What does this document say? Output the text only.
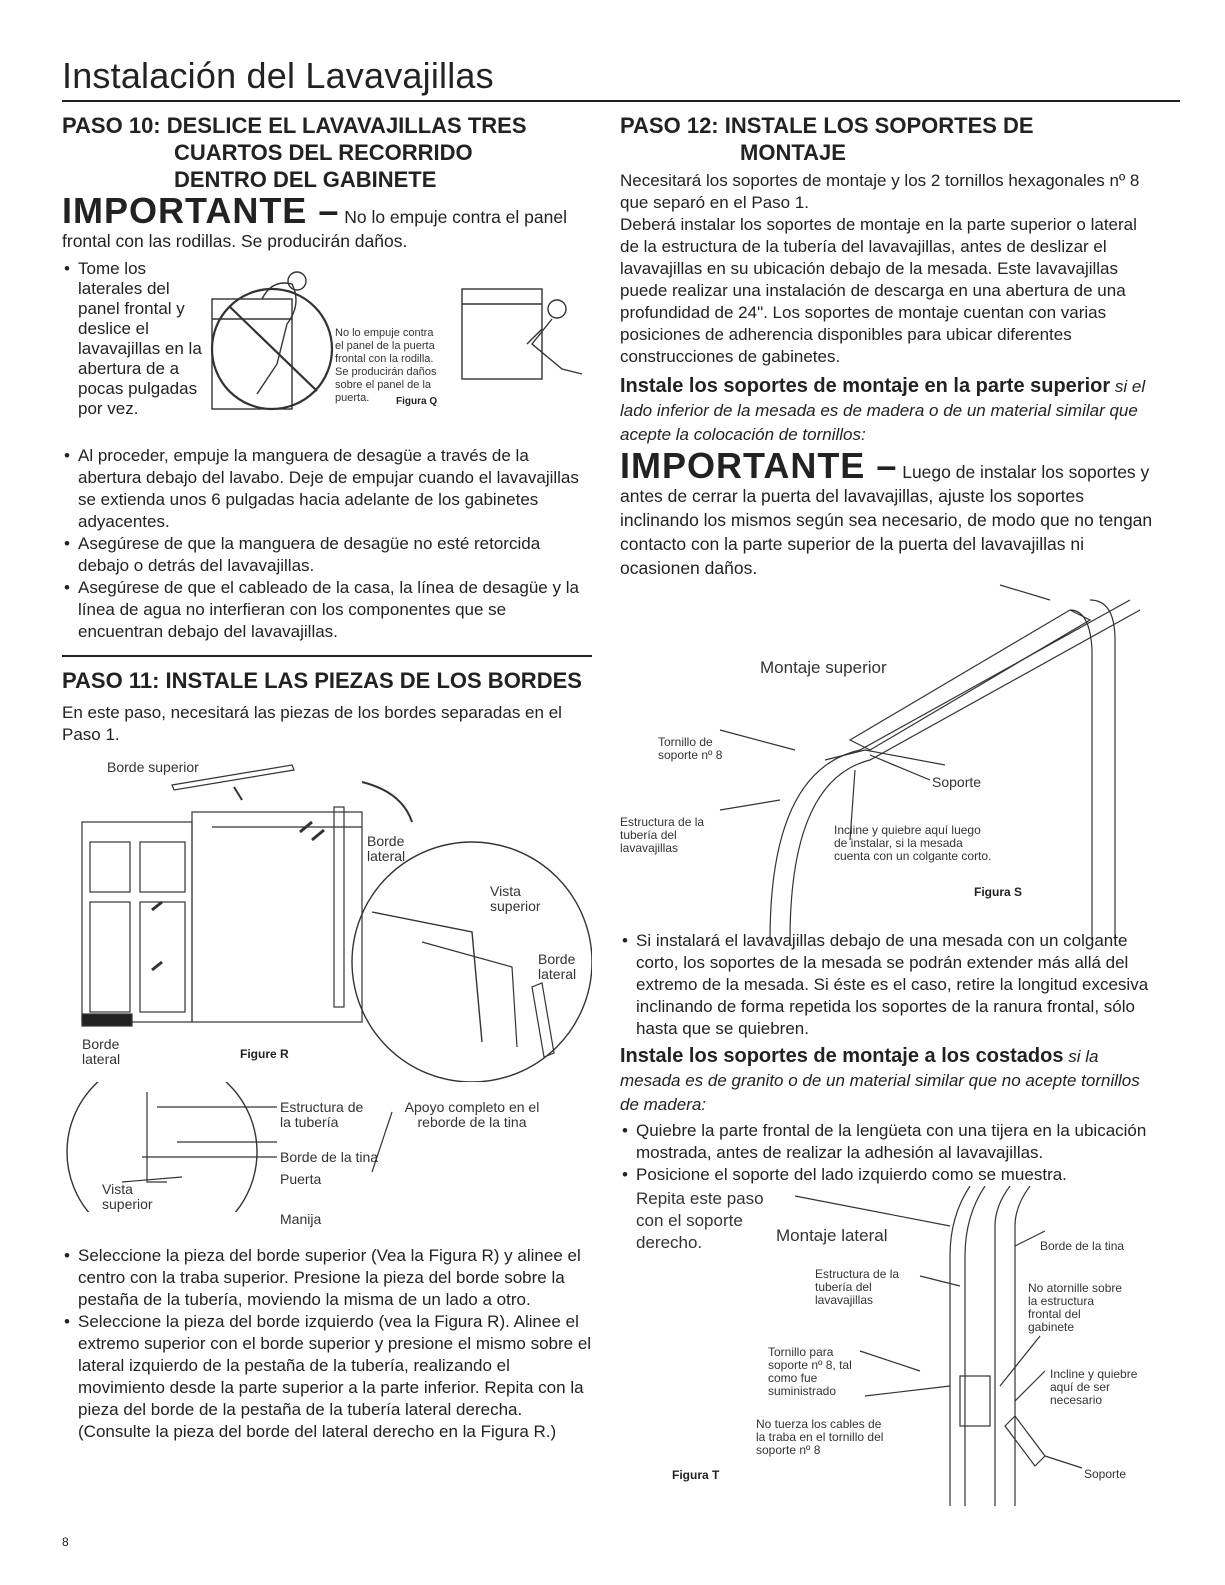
Instalación del Lavavajillas
PASO 10: DESLICE EL LAVAVAJILLAS TRES
CUARTOS DEL RECORRIDO
DENTRO DEL GABINETE

IMPORTANTE – No lo empuje contra el panel frontal con las rodillas. Se producirán daños.

• Tome los laterales del panel frontal y deslice el lavavajillas en la abertura de a pocas pulgadas por vez.
No lo empuje contra el panel de la puerta frontal con la rodilla. Se producirán daños sobre el panel de la puerta.	Figura Q
• Al proceder, empuje la manguera de desagüe a través de la abertura debajo del lavabo. Deje de empujar cuando el lavavajillas se extienda unos 6 pulgadas hacia adelante de los gabinetes adyacentes.
• Asegúrese de que la manguera de desagüe no esté retorcida debajo o detrás del lavavajillas.
• Asegúrese de que el cableado de la casa, la línea de desagüe y la línea de agua no interfieran con los componentes que se encuentran debajo del lavavajillas.
PASO 11: INSTALE LAS PIEZAS DE LOS BORDES

En este paso, necesitará las piezas de los bordes separadas en el Paso 1.

Borde superior
Borde lateral
Vista superior
Borde lateral
Borde lateral	Figure R
Estructura de la tubería
Apoyo completo en el reborde de la tina
Borde de la tina
Puerta
Vista superior
Manija
• Seleccione la pieza del borde superior (Vea la Figura R) y alinee el centro con la traba superior. Presione la pieza del borde sobre la pestaña de la tubería, moviendo la misma de un lado a otro.
• Seleccione la pieza del borde izquierdo (vea la Figura R). Alinee el extremo superior con el borde superior y presione el mismo sobre el lateral izquierdo de la pestaña de la tubería, realizando el movimiento desde la parte superior a la parte inferior. Repita con la pieza del borde de la pestaña de la tubería lateral derecha. (Consulte la pieza del borde del lateral derecho en la Figura R.)
PASO 12: INSTALE LOS SOPORTES DE
MONTAJE

Necesitará los soportes de montaje y los 2 tornillos hexagonales nº 8 que separó en el Paso 1.

Deberá instalar los soportes de montaje en la parte superior o lateral de la estructura de la tubería del lavavajillas, antes de deslizar el lavavajillas en su ubicación debajo de la mesada. Este lavavajillas puede realizar una instalación de descarga en una abertura de una profundidad de 24". Los soportes de montaje cuentan con varias posiciones de adherencia disponibles para ubicar diferentes construcciones de gabinetes.

Instale los soportes de montaje en la parte superior si el lado inferior de la mesada es de madera o de un material similar que acepte la colocación de tornillos:

IMPORTANTE – Luego de instalar los soportes y antes de cerrar la puerta del lavavajillas, ajuste los soportes inclinando los mismos según sea necesario, de modo que no tengan contacto con la parte superior de la puerta del lavavajillas ni ocasionen daños.

Montaje superior
Tornillo de soporte nº 8
Soporte
Estructura de la tubería del lavavajillas
Incline y quiebre aquí luego de instalar, si la mesada cuenta con un colgante corto.
Figura S
• Si instalará el lavavajillas debajo de una mesada con un colgante corto, los soportes de la mesada se podrán extender más allá del extremo de la mesada. Si éste es el caso, retire la longitud excesiva inclinando de forma repetida los soportes de la ranura frontal, sólo hasta que se quiebren.

Instale los soportes de montaje a los costados si la mesada es de granito o de un material similar que no acepte tornillos de madera:

• Quiebre la parte frontal de la lengüeta con una tijera en la ubicación mostrada, antes de realizar la adhesión al lavavajillas.
• Posicione el soporte del lado izquierdo como se muestra.
Repita este paso con el soporte derecho.	Montaje lateral
Borde de la tina
Estructura de la tubería del lavavajillas
No atornille sobre la estructura frontal del gabinete
Tornillo para soporte nº 8, tal como fue suministrado
Incline y quiebre aquí de ser necesario
No tuerza los cables de la traba en el tornillo del soporte nº 8
Soporte
Figura T
8
